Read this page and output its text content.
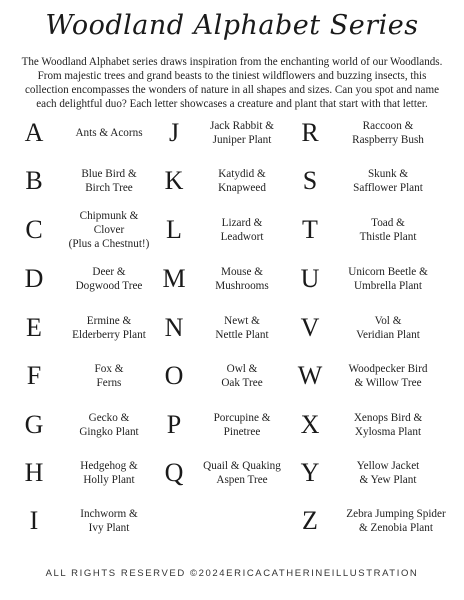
Woodland Alphabet Series
The Woodland Alphabet series draws inspiration from the enchanting world of our Woodlands. From majestic trees and grand beasts to the tiniest wildflowers and buzzing insects, this collection encompasses the wonders of nature in all shapes and sizes. Can you spot and name each delightful duo? Each letter showcases a creature and plant that start with that letter.
A	Ants & Acorns
B	Blue Bird &
Birch Tree
C	Chipmunk &
Clover
(Plus a Chestnut!)
D	Deer &
Dogwood Tree
E	Ermine &
Elderberry Plant
F	Fox &
Ferns
G	Gecko &
Gingko Plant
H	Hedgehog &
Holly Plant
I	Inchworm &
Ivy Plant
J	Jack Rabbit &
Juniper Plant
K	Katydid &
Knapweed
L	Lizard &
Leadwort
M	Mouse &
Mushrooms
N	Newt &
Nettle Plant
O	Owl &
Oak Tree
P	Porcupine &
Pinetree
Q	Quail & Quaking
Aspen Tree
R	Raccoon &
Raspberry Bush
S	Skunk &
Safflower Plant
T	Toad &
Thistle Plant
U	Unicorn Beetle &
Umbrella Plant
V	Vol &
Veridian Plant
W	Woodpecker Bird
& Willow Tree
X	Xenops Bird &
Xylosma Plant
Y	Yellow Jacket
& Yew Plant
Z	Zebra Jumping Spider
& Zenobia Plant
ALL RIGHTS RESERVED ©2024ERICACATHERINEILLUSTRATION
